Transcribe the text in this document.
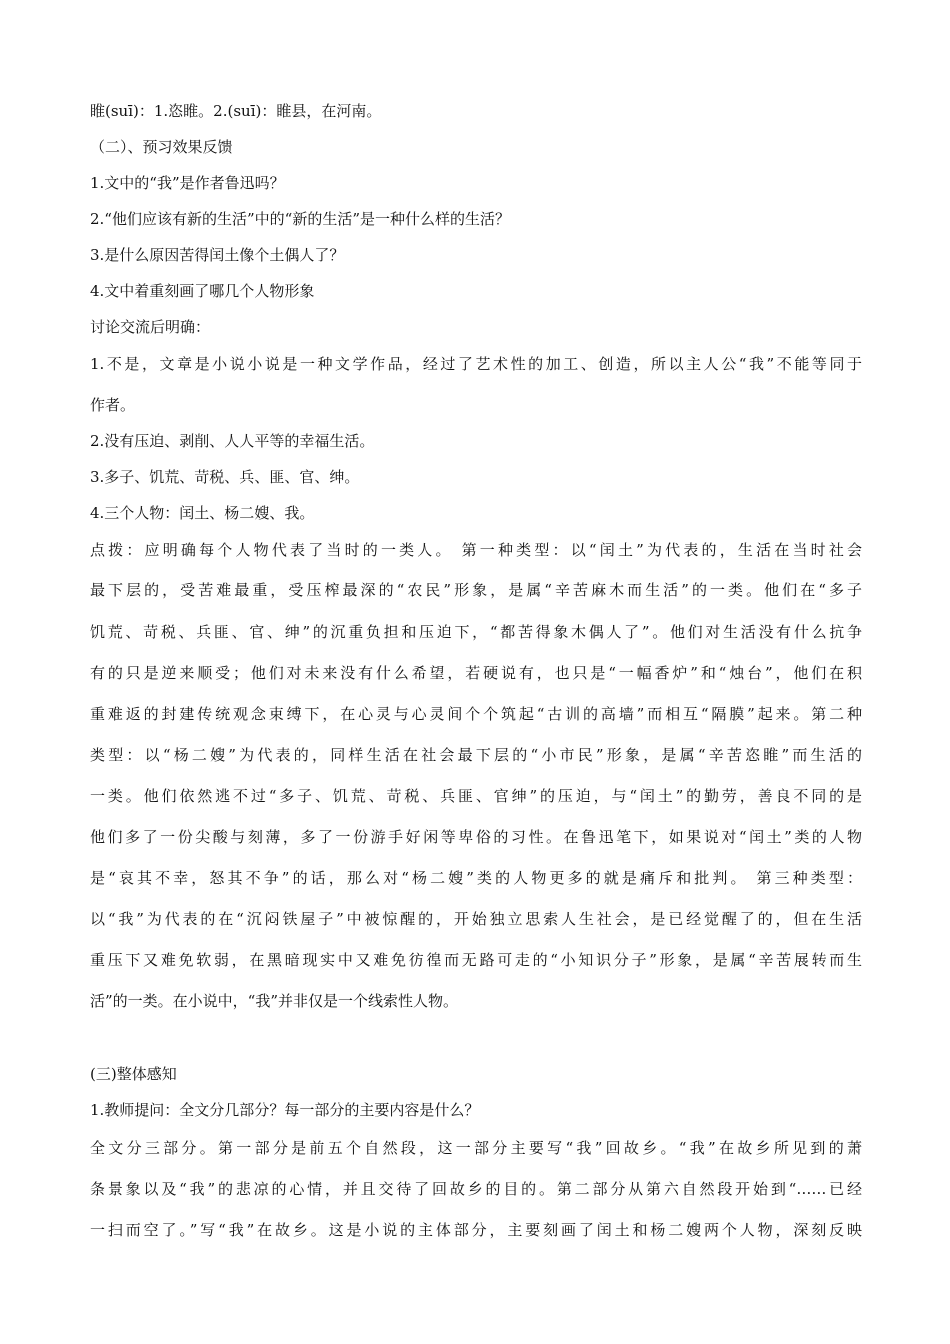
睢(suī)：1.恣睢。2.(suī)：睢县，在河南。
（二）、预习效果反馈
1.文中的“我”是作者鲁迅吗？
2.“他们应该有新的生活”中的“新的生活”是一种什么样的生活？
3.是什么原因苦得闰土像个土偶人了？
4.文中着重刻画了哪几个人物形象
讨论交流后明确：
1.不是，文章是小说小说是一种文学作品，经过了艺术性的加工、创造，所以主人公“我”不能等同于
作者。
2.没有压迫、剥削、人人平等的幸福生活。
3.多子、饥荒、苛税、兵、匪、官、绅。
4.三个人物：闰土、杨二嫂、我。
点拨：应明确每个人物代表了当时的一类人。 第一种类型：以“闰土”为代表的，生活在当时社会
最下层的，受苦难最重，受压榨最深的“农民”形象，是属“辛苦麻木而生活”的一类。他们在“多子
饥荒、苛税、兵匪、官、绅”的沉重负担和压迫下，“都苦得象木偶人了”。他们对生活没有什么抗争
有的只是逆来顺受；他们对未来没有什么希望，若硬说有，也只是“一幅香炉”和“烛台”，他们在积
重难返的封建传统观念束缚下，在心灵与心灵间个个筑起“古训的高墙”而相互“隔膜”起来。第二种
类型：以“杨二嫂”为代表的，同样生活在社会最下层的“小市民”形象，是属“辛苦恣睢”而生活的
一类。他们依然逃不过“多子、饥荒、苛税、兵匪、官绅”的压迫，与“闰土”的勤劳，善良不同的是
他们多了一份尖酸与刻薄，多了一份游手好闲等卑俗的习性。在鲁迅笔下，如果说对“闰土”类的人物
是“哀其不幸，怒其不争”的话，那么对“杨二嫂”类的人物更多的就是痛斥和批判。 第三种类型：
以“我”为代表的在“沉闷铁屋子”中被惊醒的，开始独立思索人生社会，是已经觉醒了的，但在生活
重压下又难免软弱，在黑暗现实中又难免彷徨而无路可走的“小知识分子”形象，是属“辛苦展转而生
活”的一类。在小说中，“我”并非仅是一个线索性人物。
(三)整体感知
1.教师提问：全文分几部分？每一部分的主要内容是什么？
全文分三部分。第一部分是前五个自然段，这一部分主要写“我”回故乡。“我”在故乡所见到的萧
条景象以及“我”的悲凉的心情，并且交待了回故乡的目的。第二部分从第六自然段开始到“……已经
一扫而空了。”写“我”在故乡。这是小说的主体部分，主要刻画了闰土和杨二嫂两个人物，深刻反映
